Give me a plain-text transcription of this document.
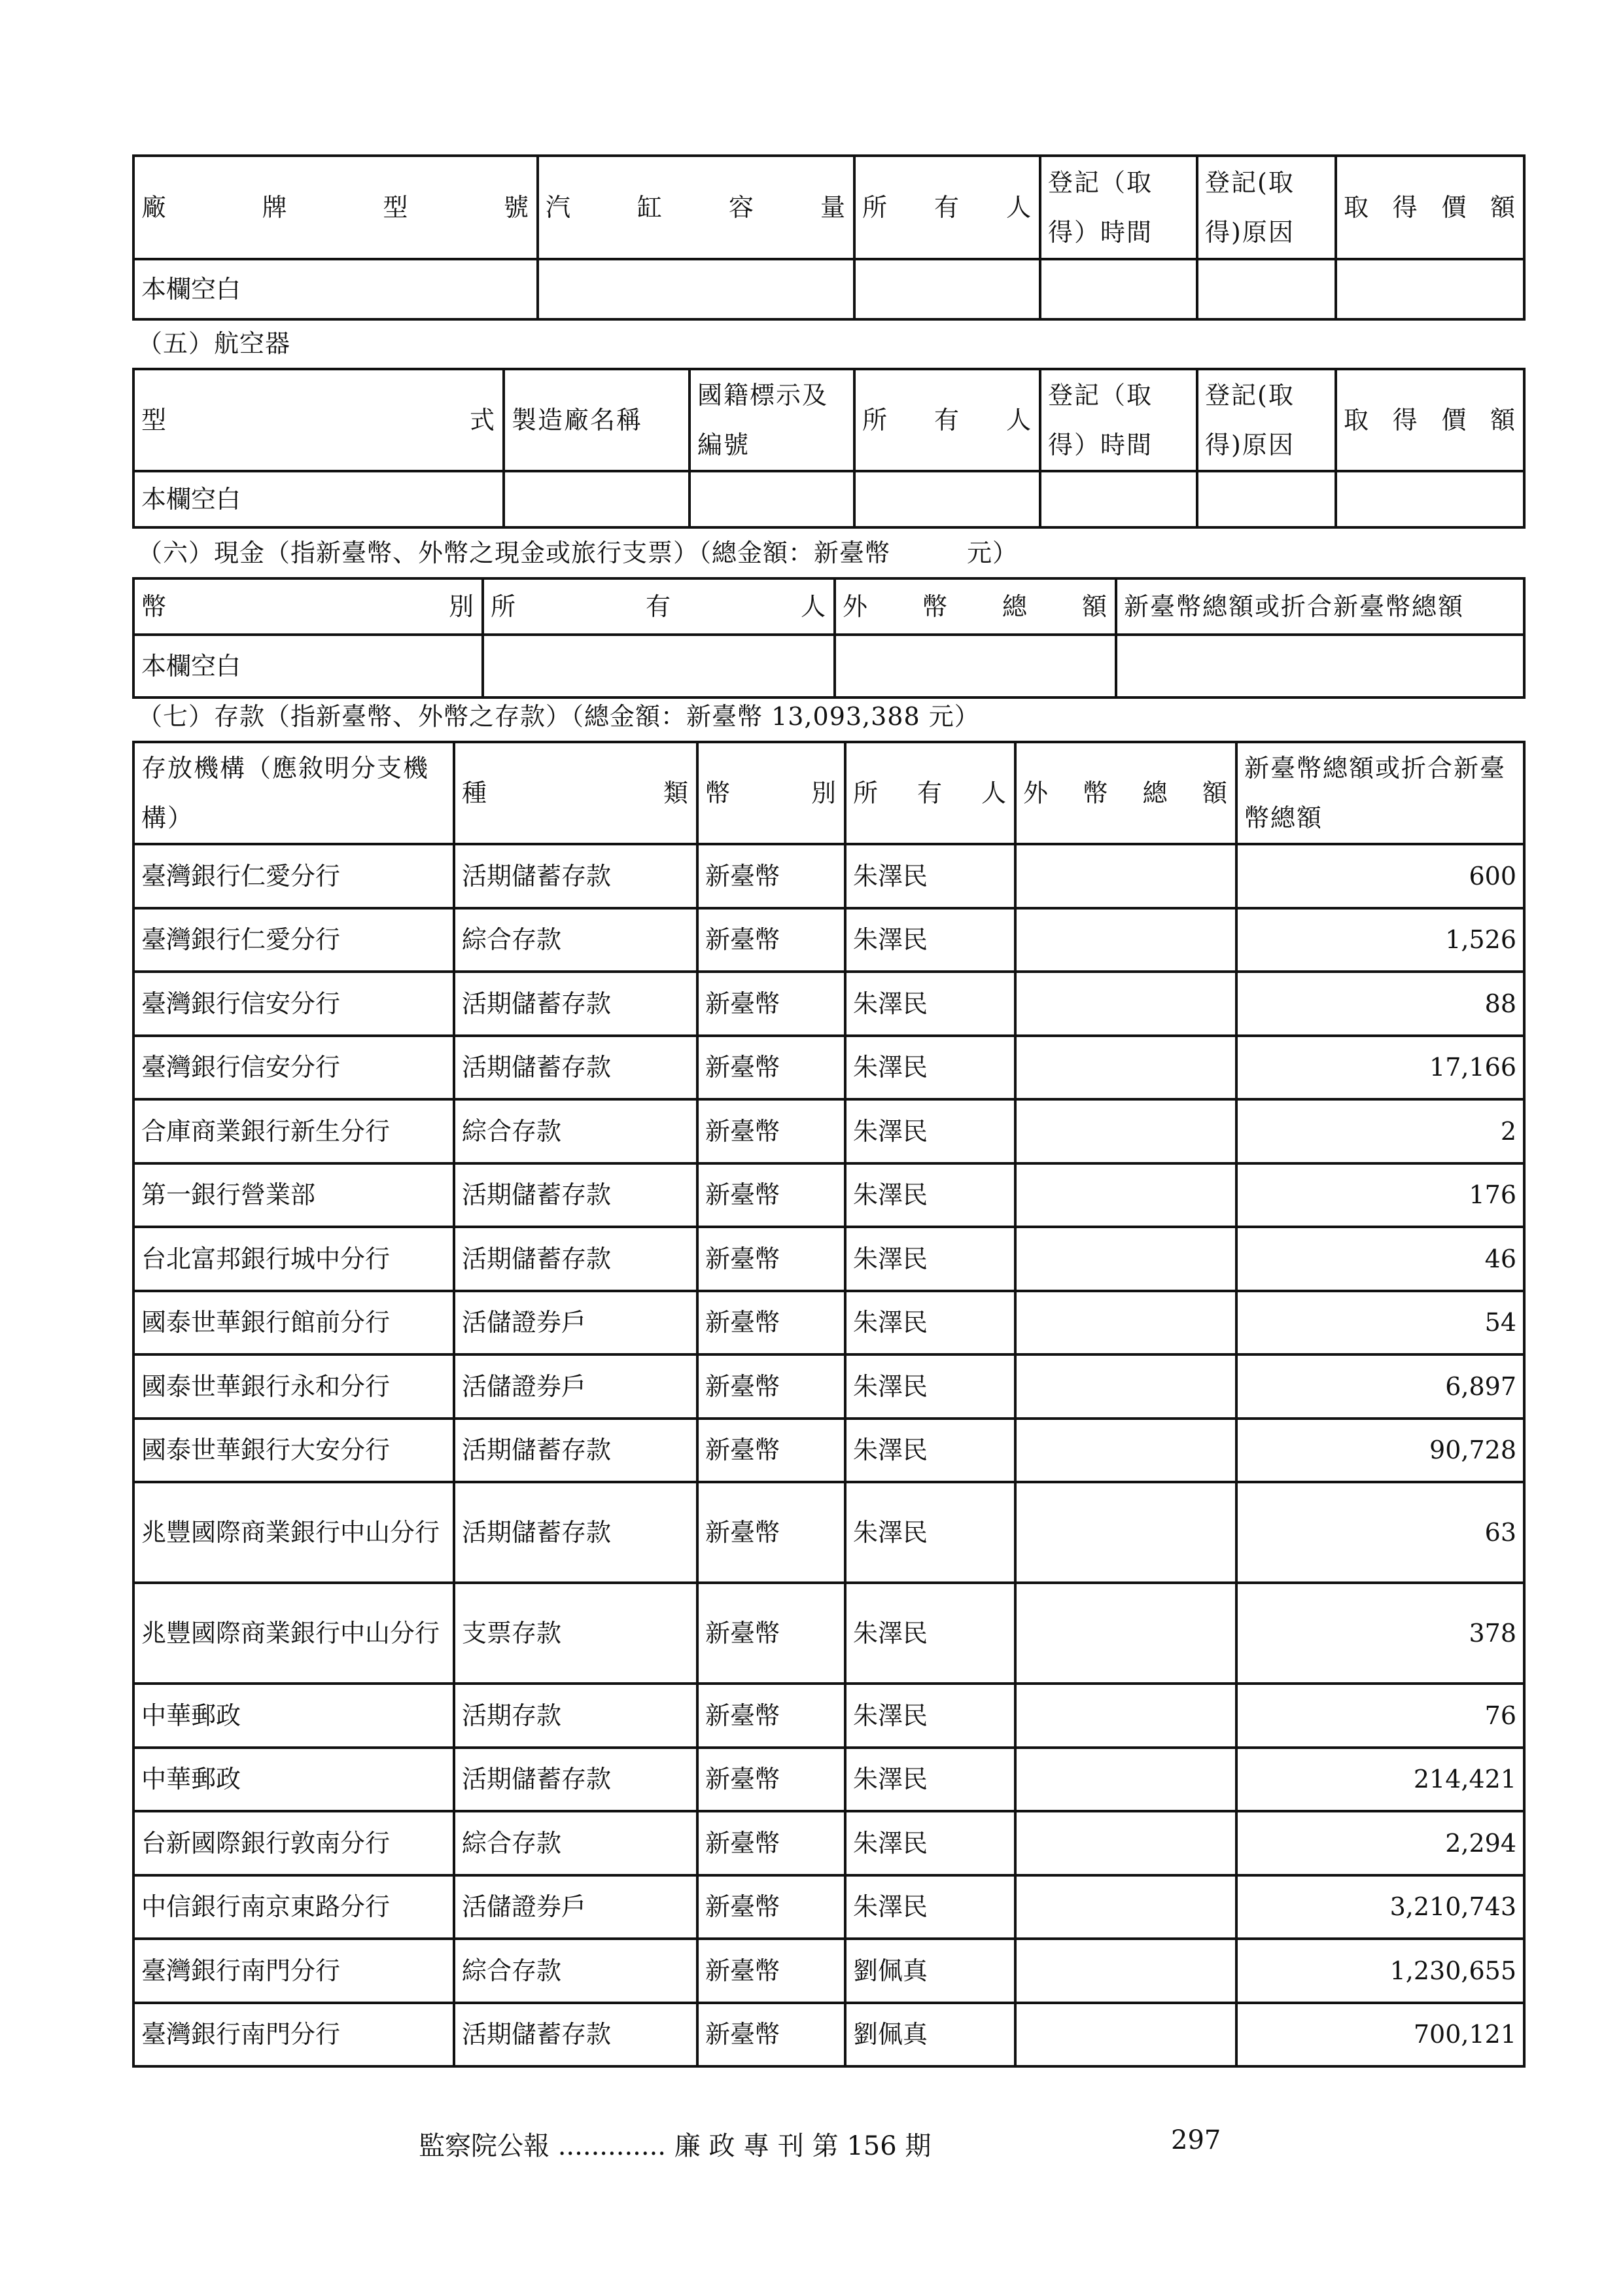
廠 牌 型 號	汽 缸 容 量	所 有 人	登記（取得）時間	登記(取得)原因	取 得 價 額

本欄空白					
（五）航空器
型 式	製造廠名稱	國籍標示及編號	所 有 人	登記（取得）時間	登記(取得)原因	取 得 價 額

本欄空白						
（六）現金（指新臺幣、外幣之現金或旅行支票）（總金額：新臺幣　　　元）
幣 別	所 有 人	外 幣 總 額	新臺幣總額或折合新臺幣總額
本欄空白			
（七）存款（指新臺幣、外幣之存款）（總金額：新臺幣 13,093,388 元）
存放機構（應敘明分支機構）	種 類	幣 別	所 有 人	外 幣 總 額	新臺幣總額或折合新臺幣總額

臺灣銀行仁愛分行	活期儲蓄存款	新臺幣	朱澤民		600
臺灣銀行仁愛分行	綜合存款	新臺幣	朱澤民		1,526
臺灣銀行信安分行	活期儲蓄存款	新臺幣	朱澤民		88
臺灣銀行信安分行	活期儲蓄存款	新臺幣	朱澤民		17,166
合庫商業銀行新生分行	綜合存款	新臺幣	朱澤民		2
第一銀行營業部	活期儲蓄存款	新臺幣	朱澤民		176
台北富邦銀行城中分行	活期儲蓄存款	新臺幣	朱澤民		46
國泰世華銀行館前分行	活儲證券戶	新臺幣	朱澤民		54
國泰世華銀行永和分行	活儲證券戶	新臺幣	朱澤民		6,897
國泰世華銀行大安分行	活期儲蓄存款	新臺幣	朱澤民		90,728
兆豐國際商業銀行中山分行	活期儲蓄存款	新臺幣	朱澤民		63
兆豐國際商業銀行中山分行	支票存款	新臺幣	朱澤民		378
中華郵政	活期存款	新臺幣	朱澤民		76
中華郵政	活期儲蓄存款	新臺幣	朱澤民		214,421
台新國際銀行敦南分行	綜合存款	新臺幣	朱澤民		2,294
中信銀行南京東路分行	活儲證券戶	新臺幣	朱澤民		3,210,743
臺灣銀行南門分行	綜合存款	新臺幣	劉佩真		1,230,655
臺灣銀行南門分行	活期儲蓄存款	新臺幣	劉佩真		700,121
監察院公報 ............. 廉 政 專 刊 第 156 期	297
